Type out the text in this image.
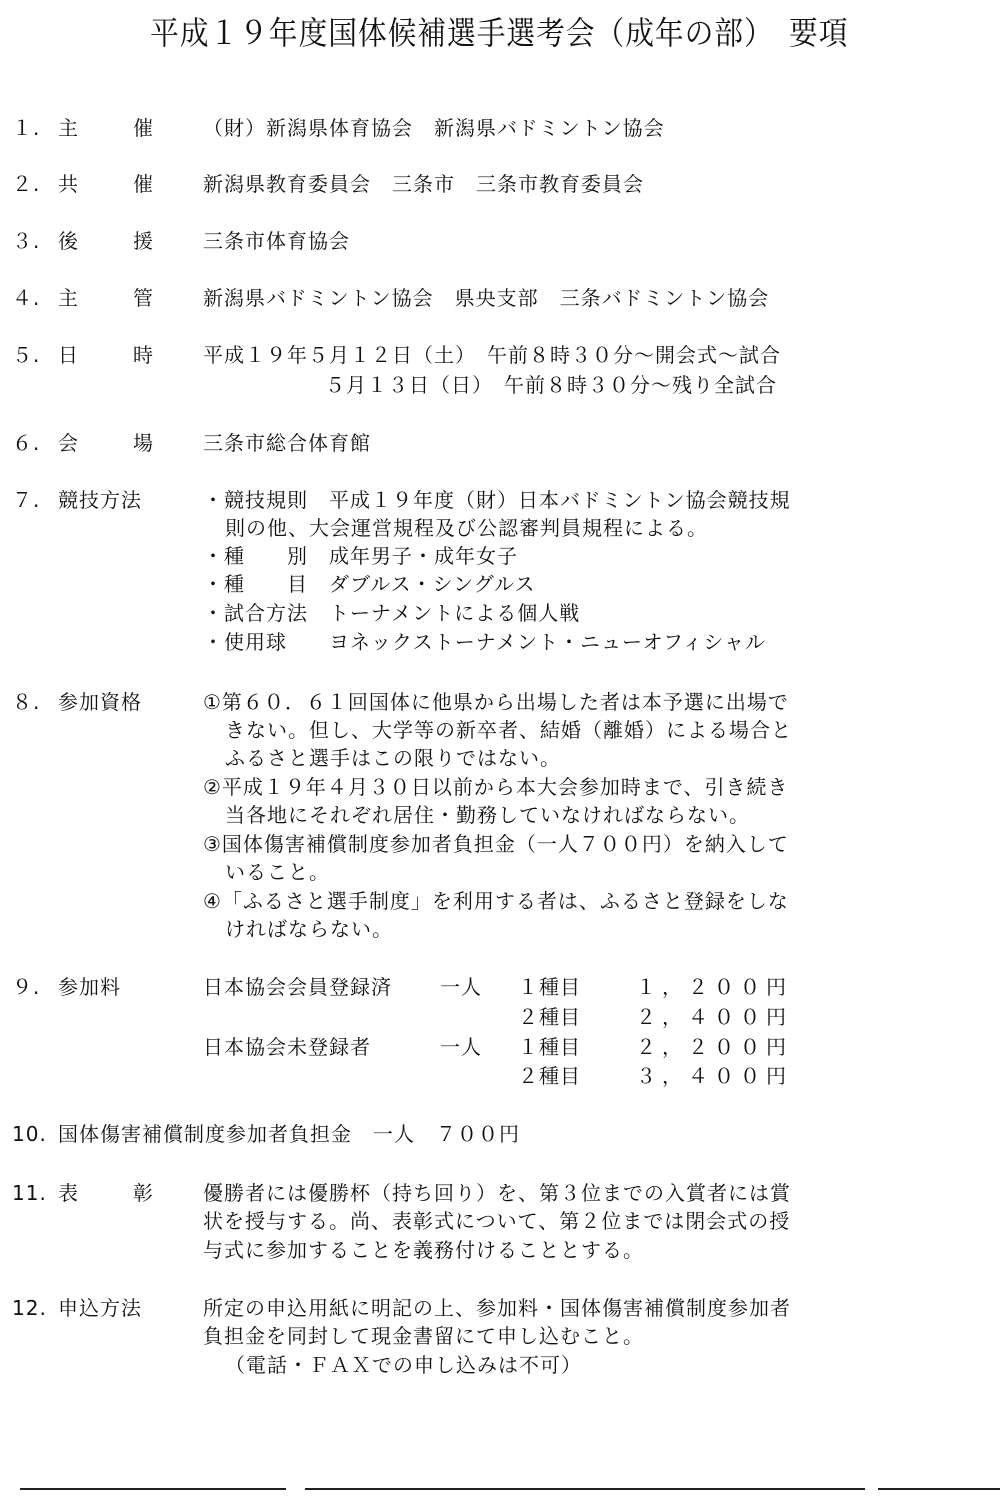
平成１９年度国体候補選手選考会（成年の部）　要項
１. 主	催 （財）新潟県体育協会　新潟県バドミントン協会
２. 共	催 新潟県教育委員会　三条市　三条市教育委員会
３. 後	援 三条市体育協会
４. 主	管 新潟県バドミントン協会　県央支部　三条バドミントン協会
５. 日	時 平成１９年５月１２日（土）　午前８時３０分～開会式～試合
５月１３日（日）　午前８時３０分～残り全試合
６. 会	場 三条市総合体育館
７. 競技方法	・競技規則　平成１９年度（財）日本バドミントン協会競技規
則の他、大会運営規程及び公認審判員規程による。
・種　　別　成年男子・成年女子
・種　　目　ダブルス・シングルス
・試合方法　トーナメントによる個人戦
・使用球　　ヨネックストーナメント・ニューオフィシャル
８. 参加資格	①第６０．６１回国体に他県から出場した者は本予選に出場で
きない。但し、大学等の新卒者、結婚（離婚）による場合と
ふるさと選手はこの限りではない。
②平成１９年４月３０日以前から本大会参加時まで、引き続き
当各地にそれぞれ居住・勤務していなければならない。
③国体傷害補償制度参加者負担金（一人７００円）を納入して
いること。
④「ふるさと選手制度」を利用する者は、ふるさと登録をしな
ければならない。
９. 参加料	日本協会会員登録済 一人 １種目	１，２００円
２種目	２，４００円
日本協会未登録者	一人 １種目	２，２００円
２種目	３，４００円
10. 国体傷害補償制度参加者負担金　一人　７００円
11. 表	彰 優勝者には優勝杯（持ち回り）を、第３位までの入賞者には賞
状を授与する。尚、表彰式について、第２位までは閉会式の授
与式に参加することを義務付けることとする。
12. 申込方法	所定の申込用紙に明記の上、参加料・国体傷害補償制度参加者
負担金を同封して現金書留にて申し込むこと。
（電話・ＦＡＸでの申し込みは不可）
